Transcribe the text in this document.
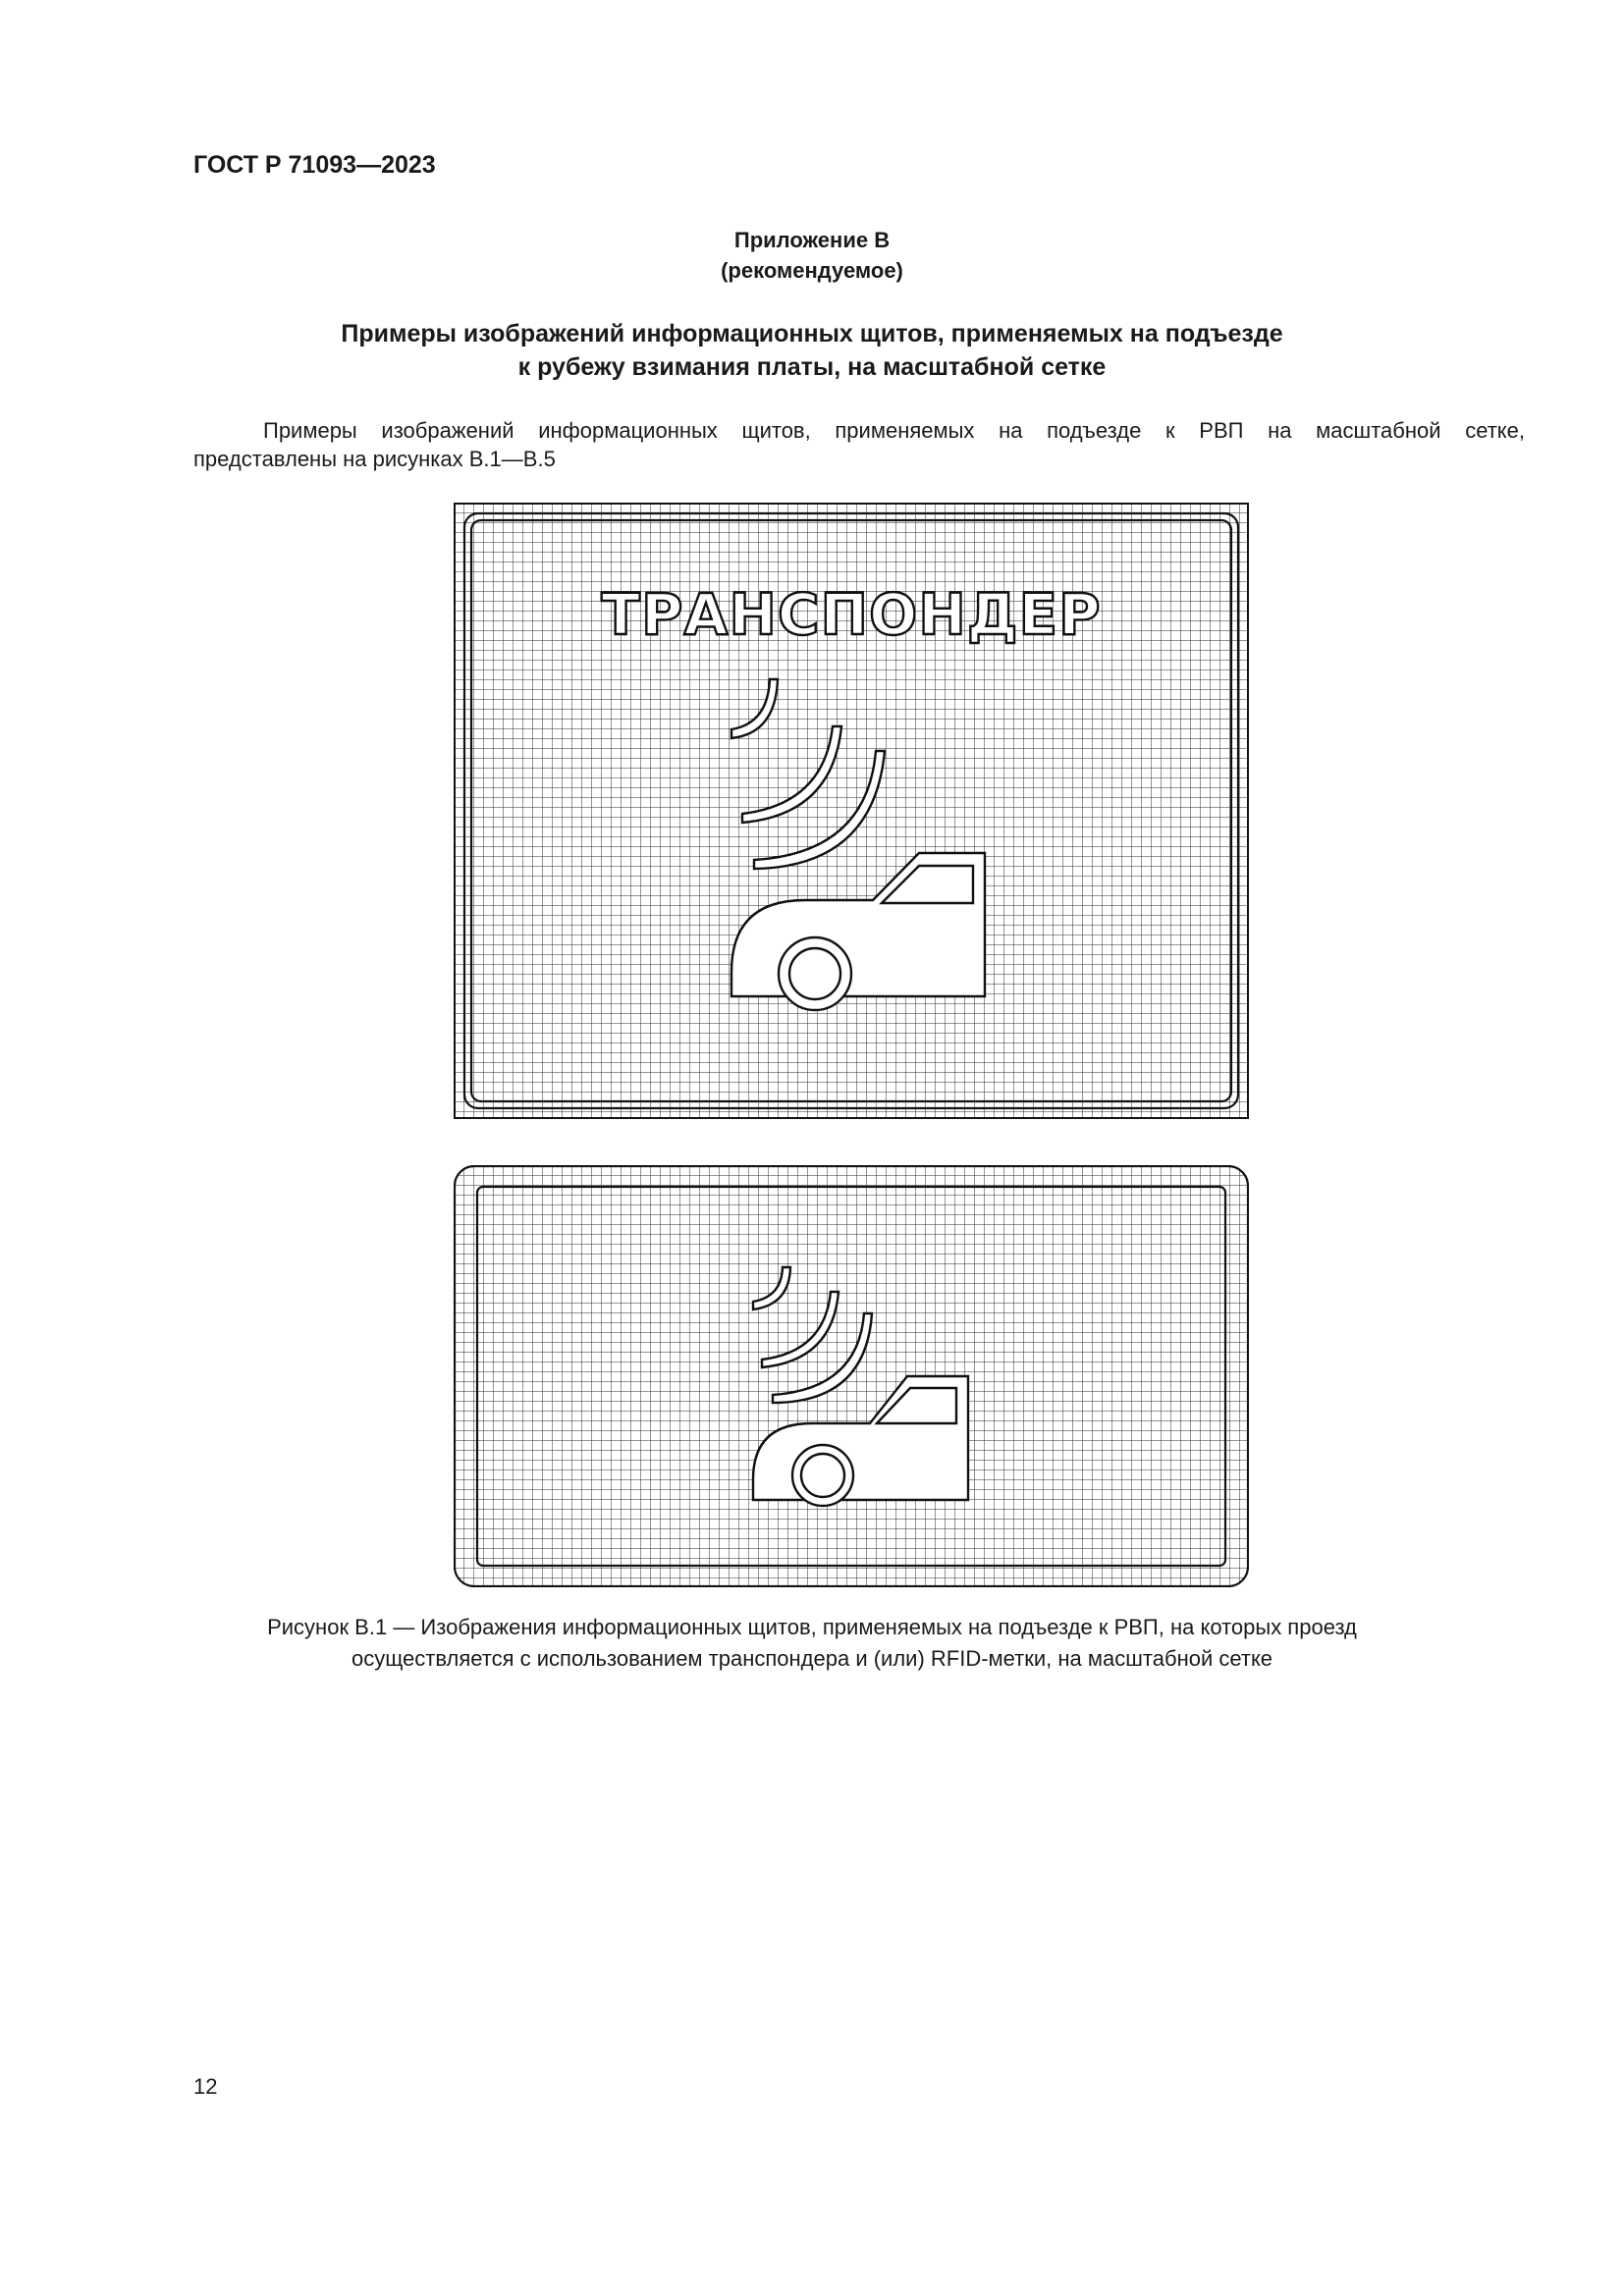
ГОСТ Р 71093—2023
Приложение В
(рекомендуемое)
Примеры изображений информационных щитов, применяемых на подъезде
к рубежу взимания платы, на масштабной сетке
Примеры изображений информационных щитов, применяемых на подъезде к РВП на масштабной сетке,
представлены на рисунках В.1—В.5
ТРАНСПОНДЕР
Рисунок В.1 — Изображения информационных щитов, применяемых на подъезде к РВП, на которых проезд
осуществляется с использованием транспондера и (или) RFID-метки, на масштабной сетке
12
